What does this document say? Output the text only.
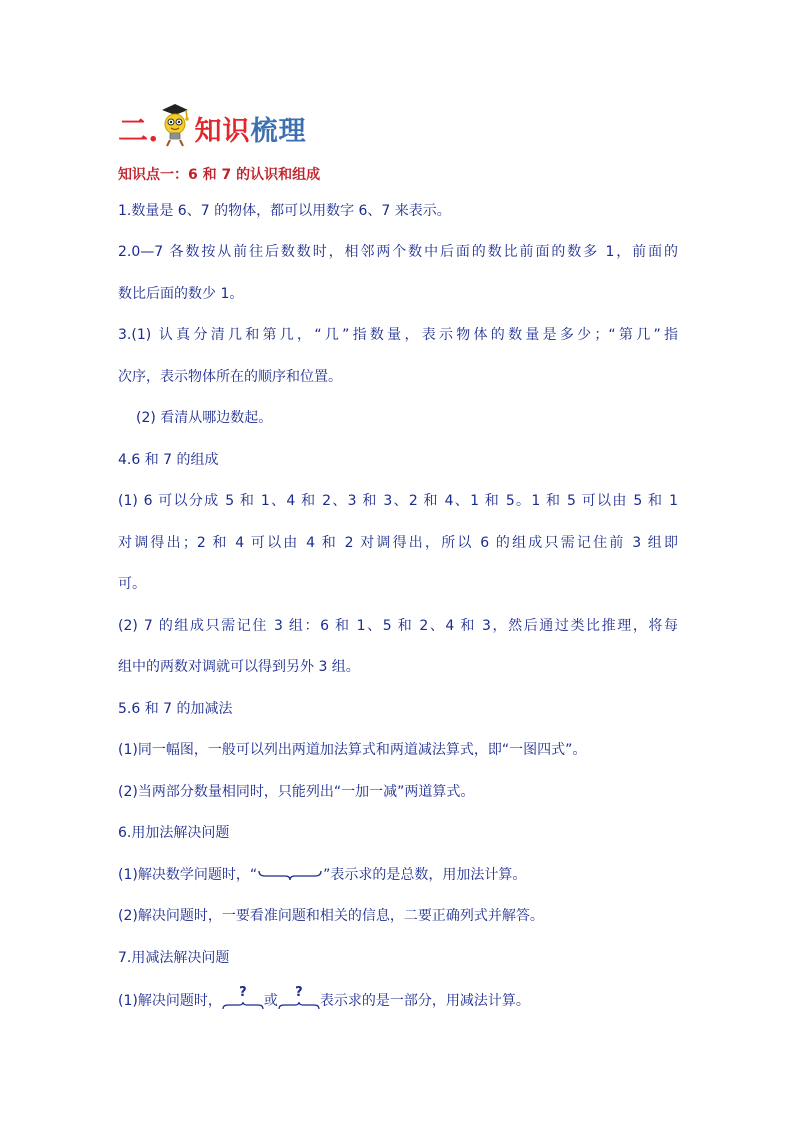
二. 知识梳理
知识点一：6 和 7 的认识和组成
1.数量是 6、7 的物体，都可以用数字 6、7 来表示。
2.0—7 各数按从前往后数数时，相邻两个数中后面的数比前面的数多 1，前面的
数比后面的数少 1。
3.(1) 认真分清几和第几，“几”指数量，表示物体的数量是多少；“第几”指
次序，表示物体所在的顺序和位置。
(2) 看清从哪边数起。
4.6 和 7 的组成
(1) 6 可以分成 5 和 1、4 和 2、3 和 3、2 和 4、1 和 5。1 和 5 可以由 5 和 1
对调得出；2 和 4 可以由 4 和 2 对调得出，所以 6 的组成只需记住前 3 组即
可。
(2) 7 的组成只需记住 3 组：6 和 1、5 和 2、4 和 3，然后通过类比推理，将每
组中的两数对调就可以得到另外 3 组。
5.6 和 7 的加减法
(1)同一幅图，一般可以列出两道加法算式和两道减法算式，即“一图四式”。
(2)当两部分数量相同时，只能列出“一加一减”两道算式。
6.用加法解决问题
(1)解决数学问题时，“	”表示求的是总数，用加法计算。
(2)解决问题时，一要看准问题和相关的信息，二要正确列式并解答。
7.用减法解决问题
(1)解决问题时，
?
或
?
表示求的是一部分，用减法计算。
